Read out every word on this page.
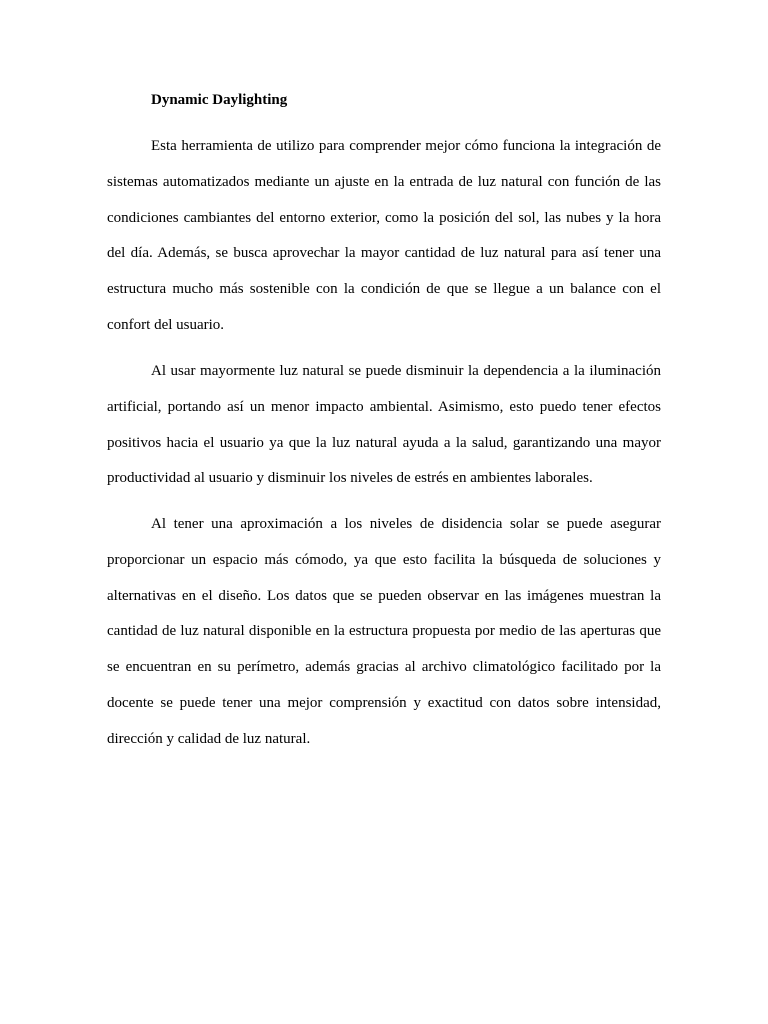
Dynamic Daylighting

Esta herramienta de utilizo para comprender mejor cómo funciona la integración de sistemas automatizados mediante un ajuste en la entrada de luz natural con función de las condiciones cambiantes del entorno exterior, como la posición del sol, las nubes y la hora del día. Además, se busca aprovechar la mayor cantidad de luz natural para así tener una estructura mucho más sostenible con la condición de que se llegue a un balance con el confort del usuario.

Al usar mayormente luz natural se puede disminuir la dependencia a la iluminación artificial, portando así un menor impacto ambiental. Asimismo, esto puedo tener efectos positivos hacia el usuario ya que la luz natural ayuda a la salud, garantizando una mayor productividad al usuario y disminuir los niveles de estrés en ambientes laborales.

Al tener una aproximación a los niveles de disidencia solar se puede asegurar proporcionar un espacio más cómodo, ya que esto facilita la búsqueda de soluciones y alternativas en el diseño. Los datos que se pueden observar en las imágenes muestran la cantidad de luz natural disponible en la estructura propuesta por medio de las aperturas que se encuentran en su perímetro, además gracias al archivo climatológico facilitado por la docente se puede tener una mejor comprensión y exactitud con datos sobre intensidad, dirección y calidad de luz natural.
